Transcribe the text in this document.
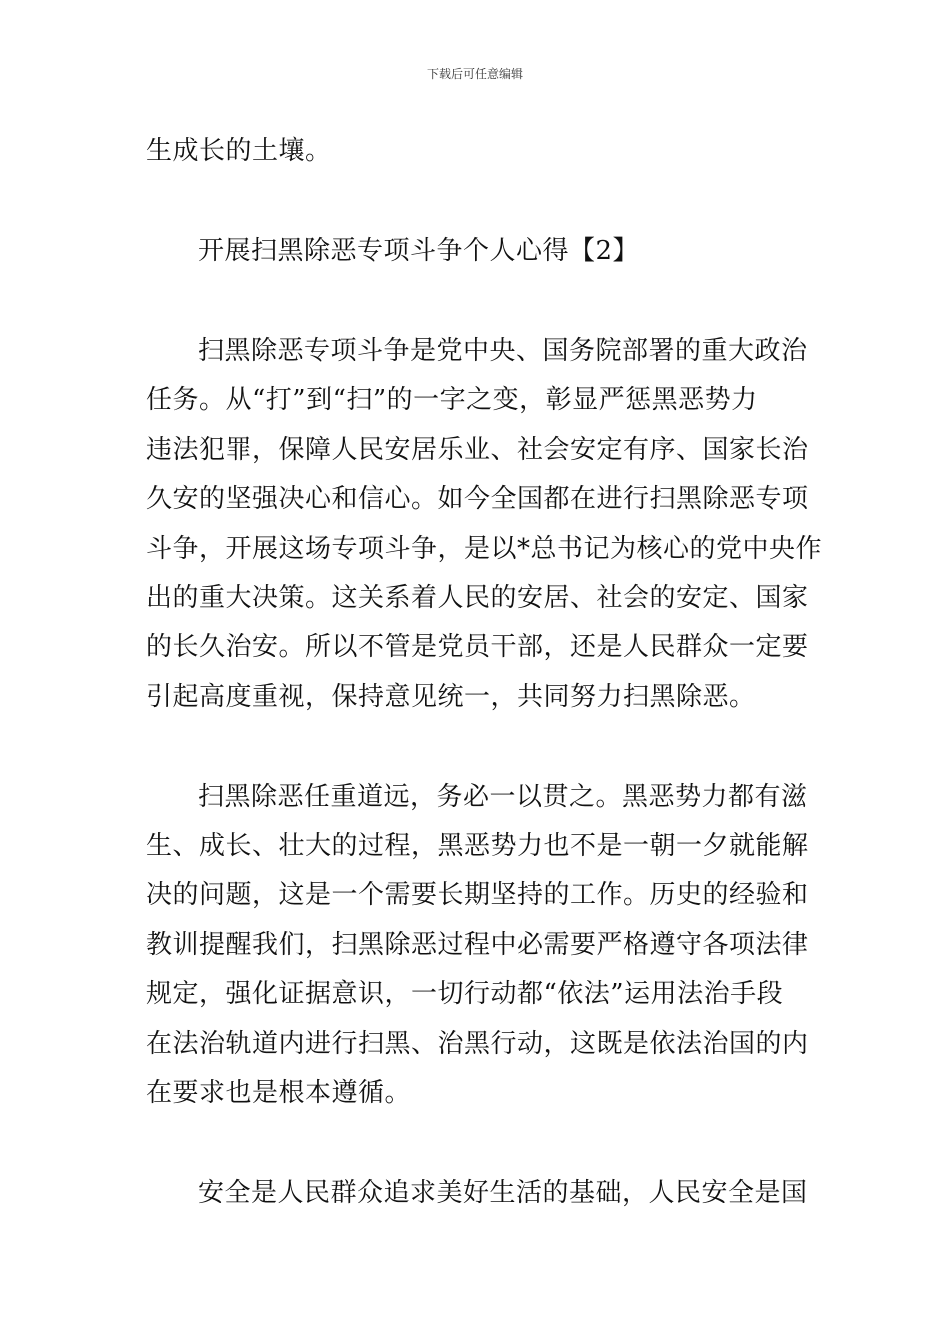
下载后可任意编辑
生成长的土壤。
开展扫黑除恶专项斗争个人心得【2】
扫黑除恶专项斗争是党中央、国务院部署的重大政治
任务。从“打”到“扫”的一字之变，彰显严惩黑恶势力
违法犯罪，保障人民安居乐业、社会安定有序、国家长治
久安的坚强决心和信心。如今全国都在进行扫黑除恶专项
斗争，开展这场专项斗争，是以*总书记为核心的党中央作
出的重大决策。这关系着人民的安居、社会的安定、国家
的长久治安。所以不管是党员干部，还是人民群众一定要
引起高度重视，保持意见统一，共同努力扫黑除恶。
扫黑除恶任重道远，务必一以贯之。黑恶势力都有滋
生、成长、壮大的过程，黑恶势力也不是一朝一夕就能解
决的问题，这是一个需要长期坚持的工作。历史的经验和
教训提醒我们，扫黑除恶过程中必需要严格遵守各项法律
规定，强化证据意识，一切行动都“依法”运用法治手段
在法治轨道内进行扫黑、治黑行动，这既是依法治国的内
在要求也是根本遵循。
安全是人民群众追求美好生活的基础，人民安全是国
